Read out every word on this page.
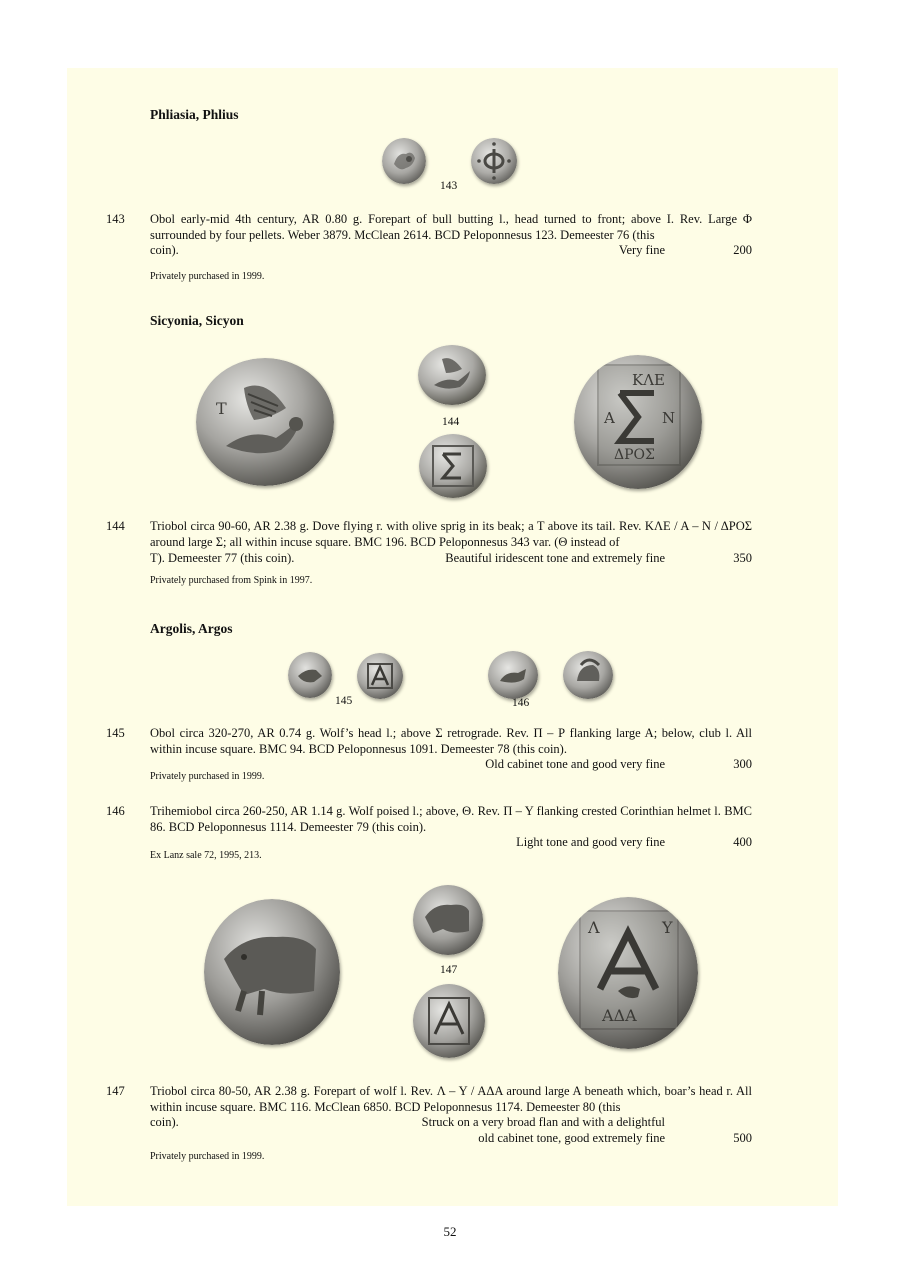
Phliasia, Phlius
143
143	Obol early-mid 4th century, AR 0.80 g. Forepart of bull butting l., head turned to front; above I. Rev. Large Φ surrounded by four pellets. Weber 3879. McClean 2614. BCD Peloponnesus 123. Demeester 76 (this
coin).	Very fine	200
Privately purchased in 1999.
Sicyonia, Sicyon
T
144
ΚΛΕ
Α	Ν
ΔΡΟΣ
144	Triobol circa 90-60, AR 2.38 g. Dove flying r. with olive sprig in its beak; a T above its tail. Rev. ΚΛΕ / Α – Ν / ΔΡΟΣ around large Σ; all within incuse square. BMC 196. BCD Peloponnesus 343 var. (Θ instead of
Τ). Demeester 77 (this coin).	Beautiful iridescent tone and extremely fine	350
Privately purchased from Spink in 1997.
Argolis, Argos
145	146
145	Obol circa 320-270, AR 0.74 g. Wolf’s head l.; above Σ retrograde. Rev. Π – Ρ flanking large A; below, club l. All within incuse square. BMC 94. BCD Peloponnesus 1091. Demeester 78 (this coin).
Old cabinet tone and good very fine	300
Privately purchased in 1999.
146	Trihemiobol circa 260-250, AR 1.14 g. Wolf poised l.; above, Θ. Rev. Π – Υ flanking crested Corinthian helmet l. BMC 86. BCD Peloponnesus 1114. Demeester 79 (this coin).
Light tone and good very fine	400
Ex Lanz sale 72, 1995, 213.
147
Λ	Υ
ΑΔΑ
147	Triobol circa 80-50, AR 2.38 g. Forepart of wolf l. Rev. Λ – Υ / ΑΔΑ around large A beneath which, boar’s head r. All within incuse square. BMC 116. McClean 6850. BCD Peloponnesus 1174. Demeester 80 (this
coin).	Struck on a very broad flan and with a delightful
old cabinet tone, good extremely fine	500
Privately purchased in 1999.
52
